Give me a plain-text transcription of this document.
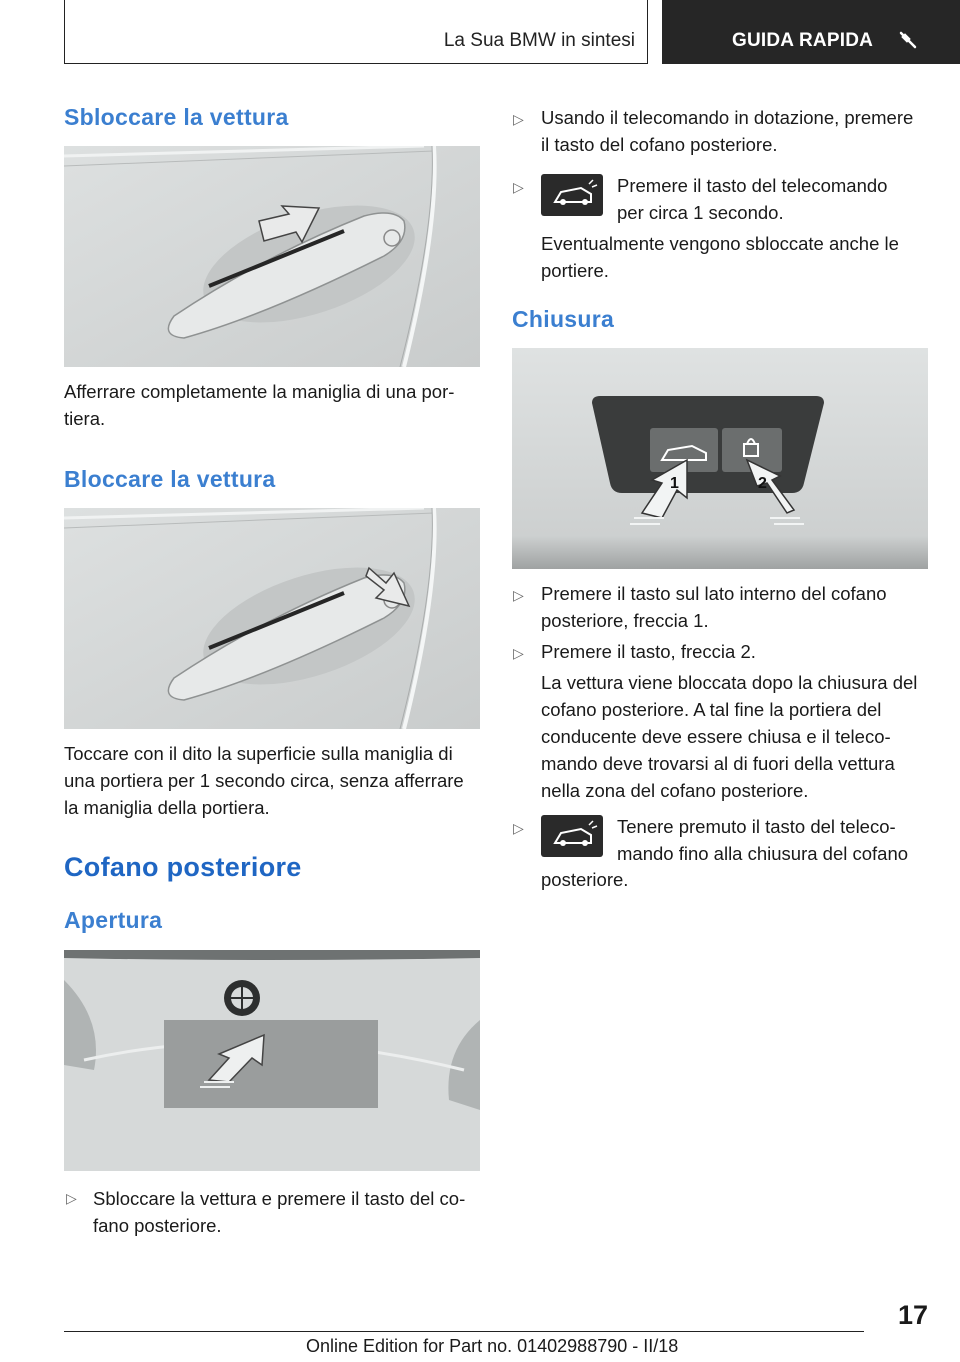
La Sua BMW in sintesi	GUIDA RAPIDA
Sbloccare la vettura
Afferrare completamente la maniglia di una por-
tiera.
Bloccare la vettura
Toccare con il dito la superficie sulla maniglia di
una portiera per 1 secondo circa, senza afferrare
la maniglia della portiera.
Cofano posteriore
Apertura
▷ Sbloccare la vettura e premere il tasto del co-
fano posteriore.
▷ Usando il telecomando in dotazione, premere
il tasto del cofano posteriore.
▷	Premere il tasto del telecomando
per circa 1 secondo.
Eventualmente vengono sbloccate anche le
portiere.
Chiusura
1	2
▷ Premere il tasto sul lato interno del cofano
posteriore, freccia 1.
▷ Premere il tasto, freccia 2.
La vettura viene bloccata dopo la chiusura del
cofano posteriore. A tal fine la portiera del
conducente deve essere chiusa e il teleco-
mando deve trovarsi al di fuori della vettura
nella zona del cofano posteriore.
▷	Tenere premuto il tasto del teleco-
mando fino alla chiusura del cofano
posteriore.
17
Online Edition for Part no. 01402988790 - II/18
